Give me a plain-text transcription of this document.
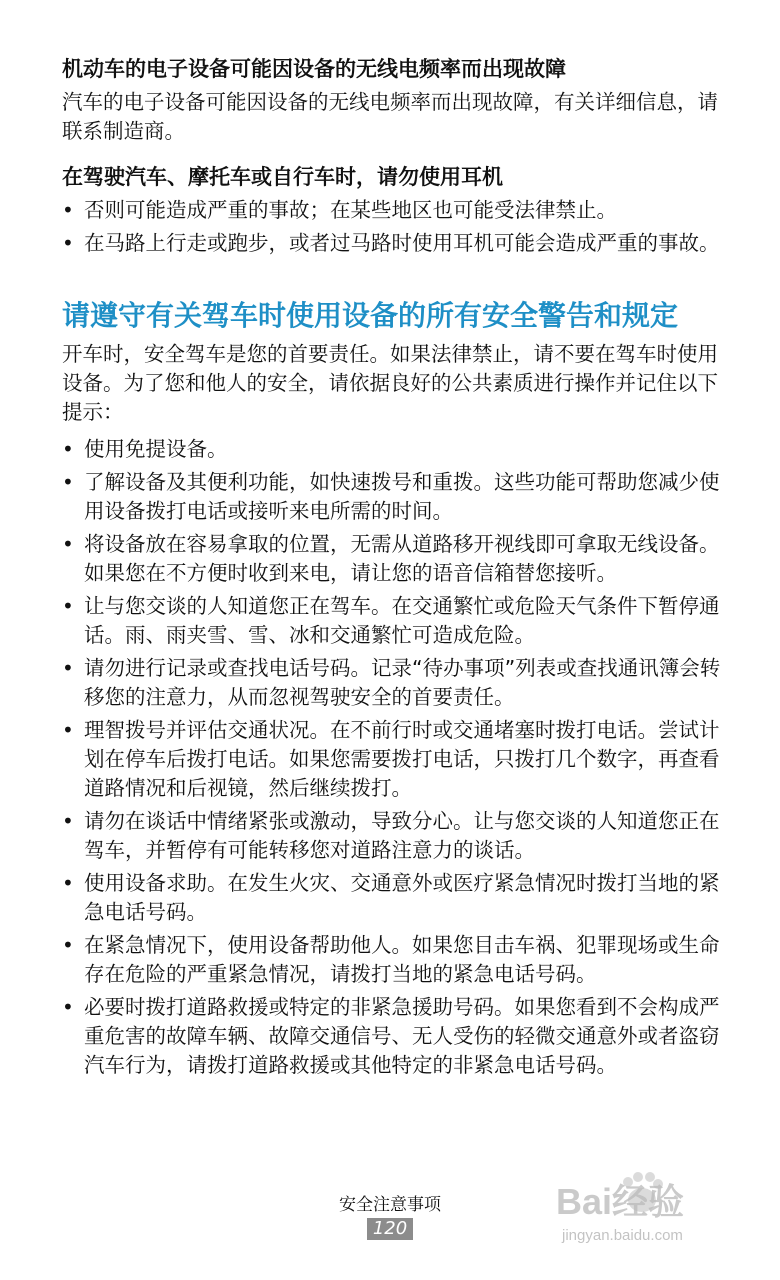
机动车的电子设备可能因设备的无线电频率而出现故障
汽车的电子设备可能因设备的无线电频率而出现故障，有关详细信息，请联系制造商。
在驾驶汽车、摩托车或自行车时，请勿使用耳机
• 否则可能造成严重的事故；在某些地区也可能受法律禁止。
• 在马路上行走或跑步，或者过马路时使用耳机可能会造成严重的事故。
请遵守有关驾车时使用设备的所有安全警告和规定
开车时，安全驾车是您的首要责任。如果法律禁止，请不要在驾车时使用设备。为了您和他人的安全，请依据良好的公共素质进行操作并记住以下提示：
• 使用免提设备。
• 了解设备及其便利功能，如快速拨号和重拨。这些功能可帮助您减少使用设备拨打电话或接听来电所需的时间。
• 将设备放在容易拿取的位置，无需从道路移开视线即可拿取无线设备。如果您在不方便时收到来电，请让您的语音信箱替您接听。
• 让与您交谈的人知道您正在驾车。在交通繁忙或危险天气条件下暂停通话。雨、雨夹雪、雪、冰和交通繁忙可造成危险。
• 请勿进行记录或查找电话号码。记录“待办事项”列表或查找通讯簿会转移您的注意力，从而忽视驾驶安全的首要责任。
• 理智拨号并评估交通状况。在不前行时或交通堵塞时拨打电话。尝试计划在停车后拨打电话。如果您需要拨打电话，只拨打几个数字，再查看道路情况和后视镜，然后继续拨打。
• 请勿在谈话中情绪紧张或激动，导致分心。让与您交谈的人知道您正在驾车，并暂停有可能转移您对道路注意力的谈话。
• 使用设备求助。在发生火灾、交通意外或医疗紧急情况时拨打当地的紧急电话号码。
• 在紧急情况下，使用设备帮助他人。如果您目击车祸、犯罪现场或生命存在危险的严重紧急情况，请拨打当地的紧急电话号码。
• 必要时拨打道路救援或特定的非紧急援助号码。如果您看到不会构成严重危害的故障车辆、故障交通信号、无人受伤的轻微交通意外或者盗窃汽车行为，请拨打道路救援或其他特定的非紧急电话号码。
安全注意事项
120
Bai经验
jingyan.baidu.com
